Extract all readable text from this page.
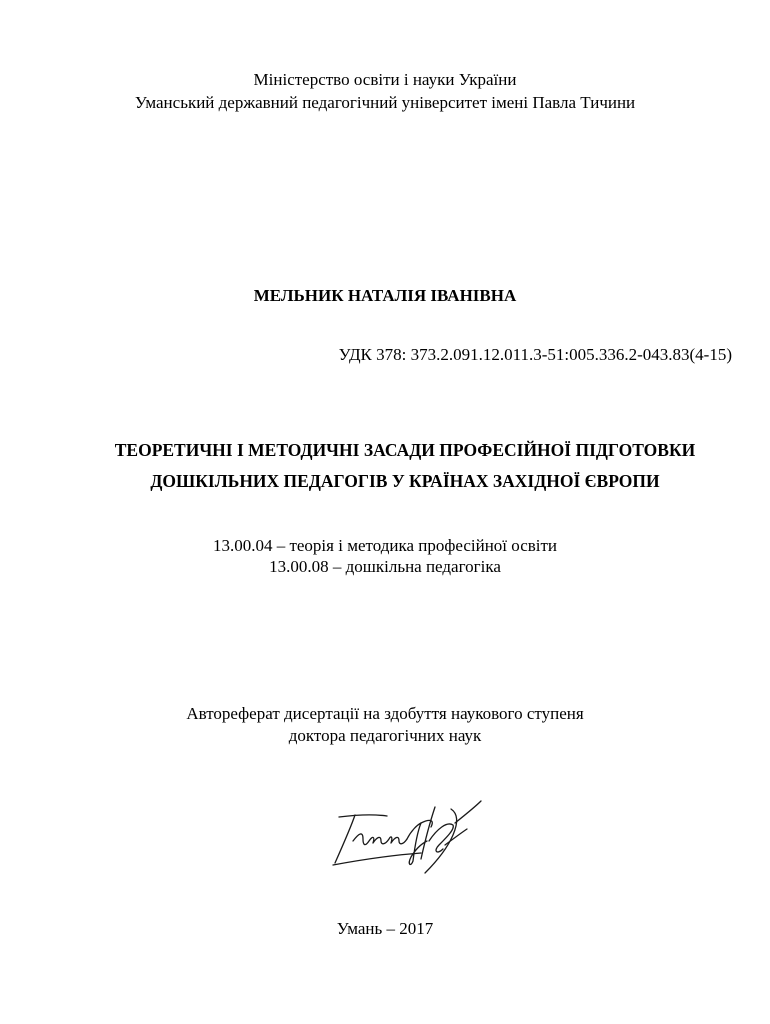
Міністерство освіти і науки України
Уманський державний педагогічний університет імені Павла Тичини
МЕЛЬНИК НАТАЛІЯ ІВАНІВНА
УДК 378: 373.2.091.12.011.3-51:005.336.2-043.83(4-15)
ТЕОРЕТИЧНІ І МЕТОДИЧНІ ЗАСАДИ ПРОФЕСІЙНОЇ ПІДГОТОВКИ
ДОШКІЛЬНИХ ПЕДАГОГІВ У КРАЇНАХ ЗАХІДНОЇ ЄВРОПИ
13.00.04 – теорія і методика професійної освіти
13.00.08 – дошкільна педагогіка
Автореферат дисертації на здобуття наукового ступеня
доктора педагогічних наук
Умань – 2017
